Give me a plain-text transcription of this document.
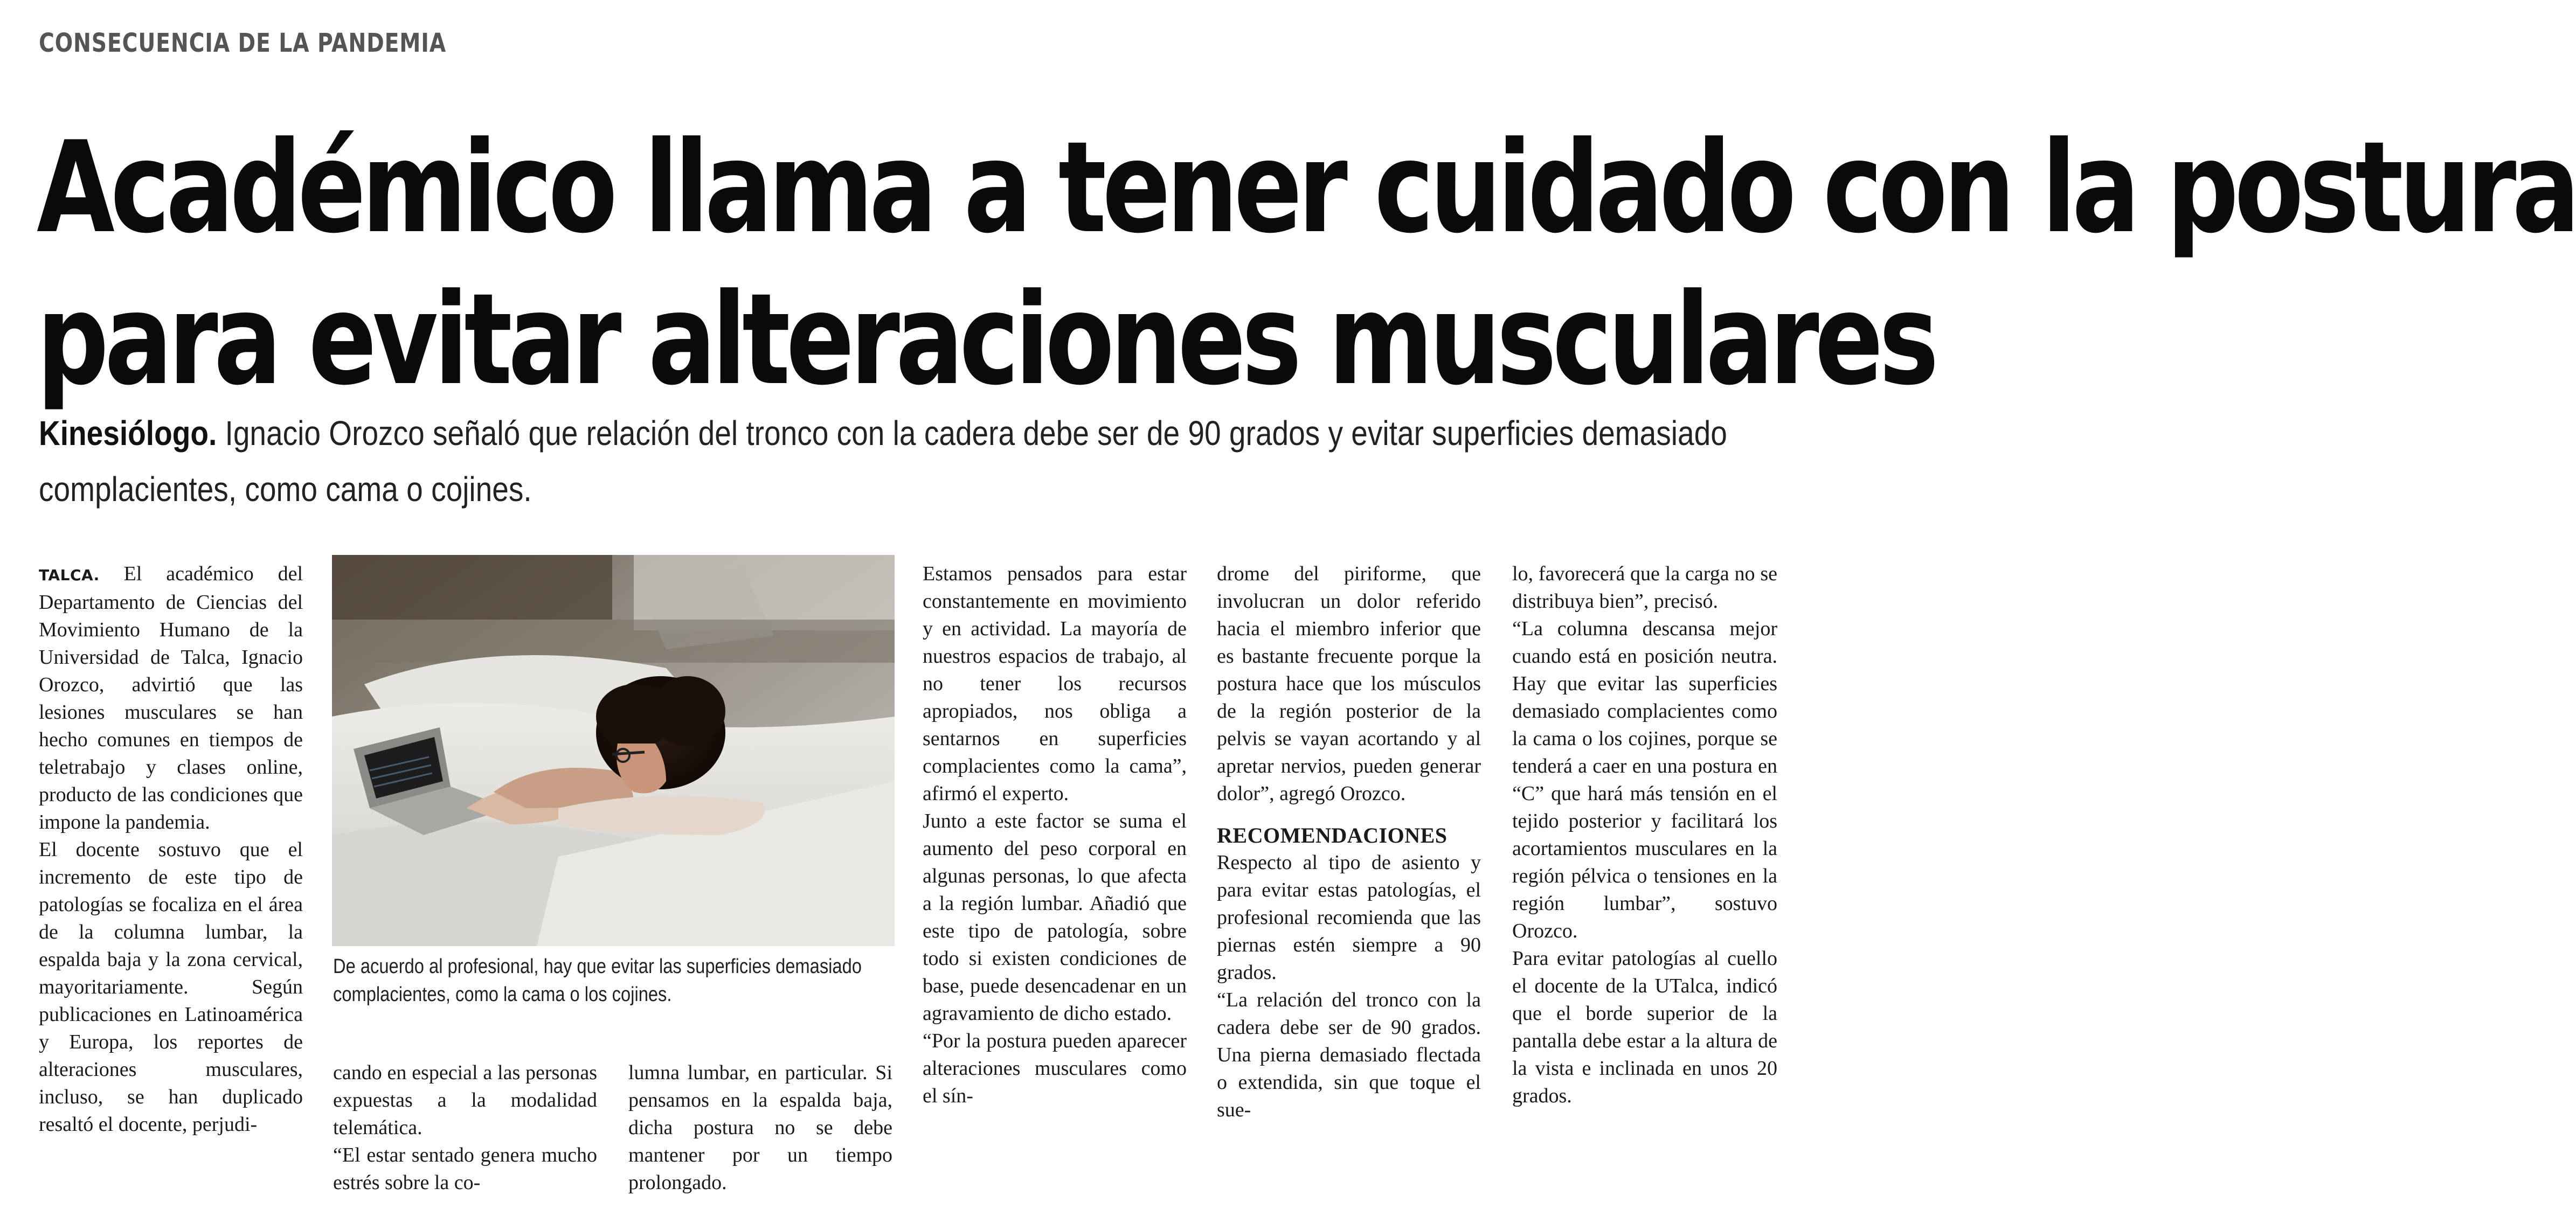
CONSECUENCIA DE LA PANDEMIA
Académico llama a tener cuidado con la postura
para evitar alteraciones musculares
Kinesiólogo. Ignacio Orozco señaló que relación del tronco con la cadera debe ser de 90 grados y evitar superficies demasiado complacientes, como cama o cojines.
De acuerdo al profesional, hay que evitar las superficies demasiado complacientes, como la cama o los cojines.

TALCA. El académico del Departamento de Ciencias del Movimiento Humano de la Universidad de Talca, Ignacio Orozco, advirtió que las lesiones musculares se han hecho comunes en tiempos de teletrabajo y clases online, producto de las condiciones que impone la pandemia.

El docente sostuvo que el incremento de este tipo de patologías se focaliza en el área de la columna lumbar, la espalda baja y la zona cervical, mayoritariamente. Según publicaciones en Latinoamérica y Europa, los reportes de alteraciones musculares, incluso, se han duplicado resaltó el docente, perjudi-

cando en especial a las personas expuestas a la modalidad telemática.

“El estar sentado genera mucho estrés sobre la co-

lumna lumbar, en particular. Si pensamos en la espalda baja, dicha postura no se debe mantener por un tiempo prolongado.

Estamos pensados para estar constantemente en movimiento y en actividad. La mayoría de nuestros espacios de trabajo, al no tener los recursos apropiados, nos obliga a sentarnos en superficies complacientes como la cama”, afirmó el experto.

Junto a este factor se suma el aumento del peso corporal en algunas personas, lo que afecta a la región lumbar. Añadió que este tipo de patología, sobre todo si existen condiciones de base, puede desencadenar en un agravamiento de dicho estado.

“Por la postura pueden aparecer alteraciones musculares como el sín-

drome del piriforme, que involucran un dolor referido hacia el miembro inferior que es bastante frecuente porque la postura hace que los músculos de la región posterior de la pelvis se vayan acortando y al apretar nervios, pueden generar dolor”, agregó Orozco.

RECOMENDACIONES

Respecto al tipo de asiento y para evitar estas patologías, el profesional recomienda que las piernas estén siempre a 90 grados.

“La relación del tronco con la cadera debe ser de 90 grados. Una pierna demasiado flectada o extendida, sin que toque el sue-

lo, favorecerá que la carga no se distribuya bien”, precisó.

“La columna descansa mejor cuando está en posición neutra. Hay que evitar las superficies demasiado complacientes como la cama o los cojines, porque se tenderá a caer en una postura en “C” que hará más tensión en el tejido posterior y facilitará los acortamientos musculares en la región pélvica o tensiones en la región lumbar”, sostuvo Orozco.

Para evitar patologías al cuello el docente de la UTalca, indicó que el borde superior de la pantalla debe estar a la altura de la vista e inclinada en unos 20 grados.
